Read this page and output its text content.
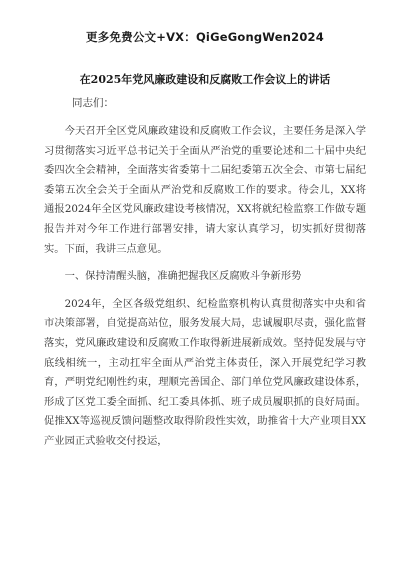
更多免费公文+VX：QiGeGongWen2024
在2025年党风廉政建设和反腐败工作会议上的讲话
同志们：

今天召开全区党风廉政建设和反腐败工作会议，主要任务是深入学习贯彻落实习近平总书记关于全面从严治党的重要论述和二十届中央纪委四次全会精神，全面落实省委第十二届纪委第五次全会、市第七届纪委第五次全会关于全面从严治党和反腐败工作的要求。待会儿，XX将通报2024年全区党风廉政建设考核情况，XX将就纪检监察工作做专题报告并对今年工作进行部署安排，请大家认真学习，切实抓好贯彻落实。下面，我讲三点意见。

一、保持清醒头脑，准确把握我区反腐败斗争新形势

2024年，全区各级党组织、纪检监察机构认真贯彻落实中央和省市决策部署，自觉提高站位，服务发展大局，忠诚履职尽责，强化监督落实，党风廉政建设和反腐败工作取得新进展新成效。坚持促发展与守底线相统一，主动扛牢全面从严治党主体责任，深入开展党纪学习教育，严明党纪刚性约束，理顺完善国企、部门单位党风廉政建设体系，形成了区党工委全面抓、纪工委具体抓、班子成员履职抓的良好局面。促推XX等巡视反馈问题整改取得阶段性实效，助推省十大产业项目XX产业园正式验收交付投运，
